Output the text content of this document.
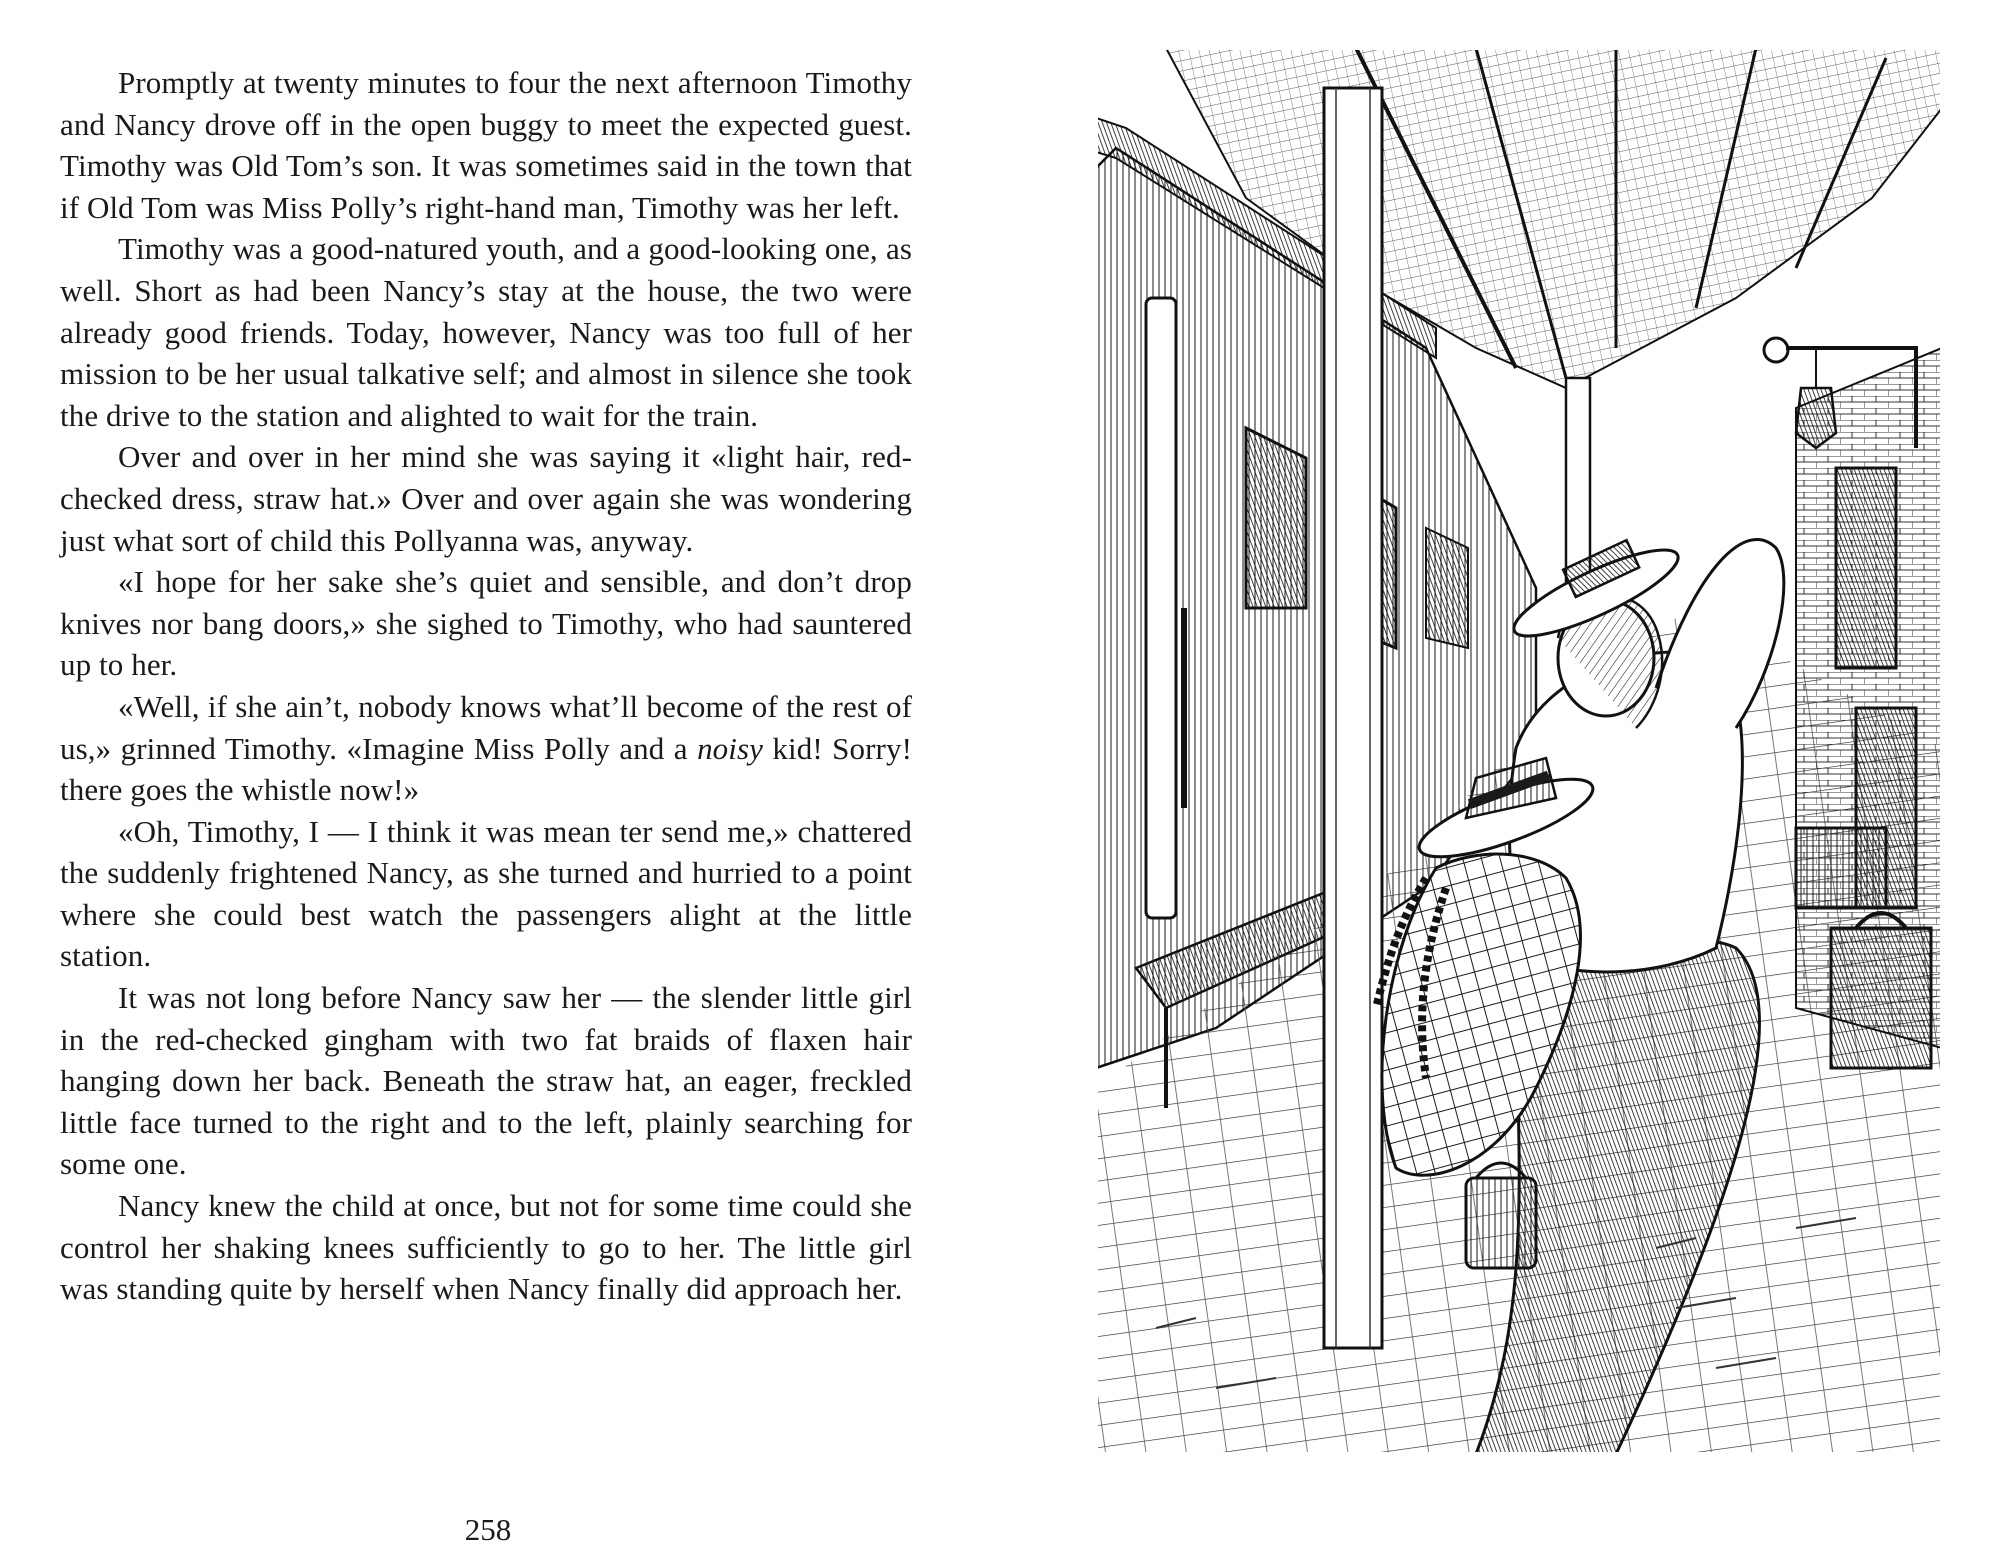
Promptly at twenty minutes to four the next afternoon Timothy and Nancy drove off in the open buggy to meet the expected guest. Timothy was Old Tom’s son. It was sometimes said in the town that if Old Tom was Miss Polly’s right-hand man, Timothy was her left.

Timothy was a good-natured youth, and a good-looking one, as well. Short as had been Nancy’s stay at the house, the two were already good friends. Today, however, Nancy was too full of her mission to be her usual talkative self; and almost in silence she took the drive to the station and alighted to wait for the train.

Over and over in her mind she was saying it «light hair, red-checked dress, straw hat.» Over and over again she was wondering just what sort of child this Pollyanna was, anyway.

«I hope for her sake she’s quiet and sensible, and don’t drop knives nor bang doors,» she sighed to Timothy, who had sauntered up to her.

«Well, if she ain’t, nobody knows what’ll become of the rest of us,» grinned Timothy. «Imagine Miss Polly and a noisy kid! Sorry! there goes the whistle now!»

«Oh, Timothy, I — I think it was mean ter send me,» chattered the suddenly frightened Nancy, as she turned and hurried to a point where she could best watch the passengers alight at the little station.

It was not long before Nancy saw her — the slender little girl in the red-checked gingham with two fat braids of flaxen hair hanging down her back. Beneath the straw hat, an eager, freckled little face turned to the right and to the left, plainly searching for some one.

Nancy knew the child at once, but not for some time could she control her shaking knees sufficiently to go to her. The little girl was standing quite by herself when Nancy finally did approach her.

258
